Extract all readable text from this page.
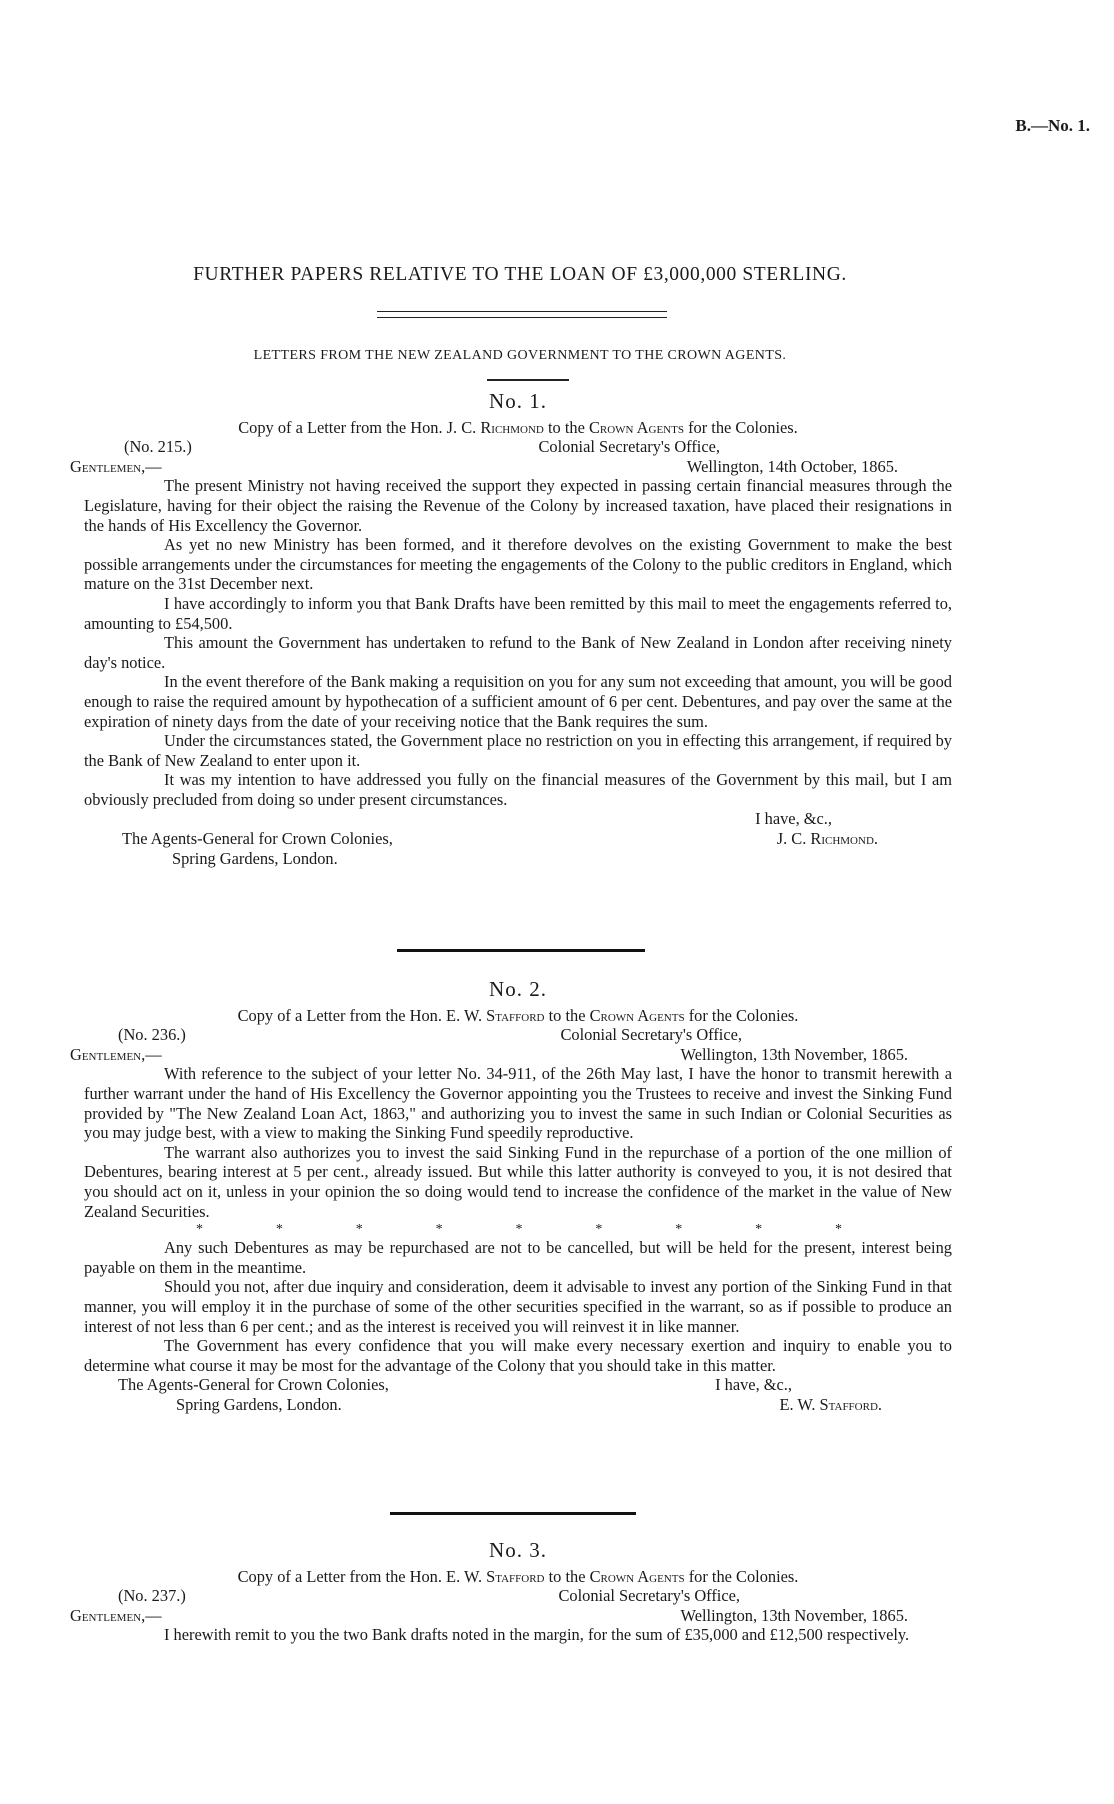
B.—No. 1.
FURTHER PAPERS RELATIVE TO THE LOAN OF £3,000,000 STERLING.
LETTERS FROM THE NEW ZEALAND GOVERNMENT TO THE CROWN AGENTS.
No. 1.
Copy of a Letter from the Hon. J. C. Richmond to the Crown Agents for the Colonies.
(No. 215.)	Colonial Secretary's Office,
Gentlemen,—	Wellington, 14th October, 1865.

The present Ministry not having received the support they expected in passing certain financial measures through the Legislature, having for their object the raising the Revenue of the Colony by increased taxation, have placed their resignations in the hands of His Excellency the Governor.

As yet no new Ministry has been formed, and it therefore devolves on the existing Government to make the best possible arrangements under the circumstances for meeting the engagements of the Colony to the public creditors in England, which mature on the 31st December next.

I have accordingly to inform you that Bank Drafts have been remitted by this mail to meet the engagements referred to, amounting to £54,500.

This amount the Government has undertaken to refund to the Bank of New Zealand in London after receiving ninety day's notice.

In the event therefore of the Bank making a requisition on you for any sum not exceeding that amount, you will be good enough to raise the required amount by hypothecation of a sufficient amount of 6 per cent. Debentures, and pay over the same at the expiration of ninety days from the date of your receiving notice that the Bank requires the sum.

Under the circumstances stated, the Government place no restriction on you in effecting this arrangement, if required by the Bank of New Zealand to enter upon it.

It was my intention to have addressed you fully on the financial measures of the Government by this mail, but I am obviously precluded from doing so under present circumstances.

I have, &c.,
The Agents-General for Crown Colonies,	J. C. Richmond.
Spring Gardens, London.
No. 2.
Copy of a Letter from the Hon. E. W. Stafford to the Crown Agents for the Colonies.
(No. 236.)	Colonial Secretary's Office,
Gentlemen,—	Wellington, 13th November, 1865.

With reference to the subject of your letter No. 34-911, of the 26th May last, I have the honor to transmit herewith a further warrant under the hand of His Excellency the Governor appointing you the Trustees to receive and invest the Sinking Fund provided by "The New Zealand Loan Act, 1863," and authorizing you to invest the same in such Indian or Colonial Securities as you may judge best, with a view to making the Sinking Fund speedily reproductive.

The warrant also authorizes you to invest the said Sinking Fund in the repurchase of a portion of the one million of Debentures, bearing interest at 5 per cent., already issued. But while this latter authority is conveyed to you, it is not desired that you should act on it, unless in your opinion the so doing would tend to increase the confidence of the market in the value of New Zealand Securities.

*	*	*	*	*	*	*	*	*

Any such Debentures as may be repurchased are not to be cancelled, but will be held for the present, interest being payable on them in the meantime.

Should you not, after due inquiry and consideration, deem it advisable to invest any portion of the Sinking Fund in that manner, you will employ it in the purchase of some of the other securities specified in the warrant, so as if possible to produce an interest of not less than 6 per cent.; and as the interest is received you will reinvest it in like manner.

The Government has every confidence that you will make every necessary exertion and inquiry to enable you to determine what course it may be most for the advantage of the Colony that you should take in this matter.

The Agents-General for Crown Colonies,	I have, &c.,
Spring Gardens, London.	E. W. Stafford.
No. 3.
Copy of a Letter from the Hon. E. W. Stafford to the Crown Agents for the Colonies.
(No. 237.)	Colonial Secretary's Office,
Gentlemen,—	Wellington, 13th November, 1865.

I herewith remit to you the two Bank drafts noted in the margin, for the sum of £35,000 and £12,500 respectively.
